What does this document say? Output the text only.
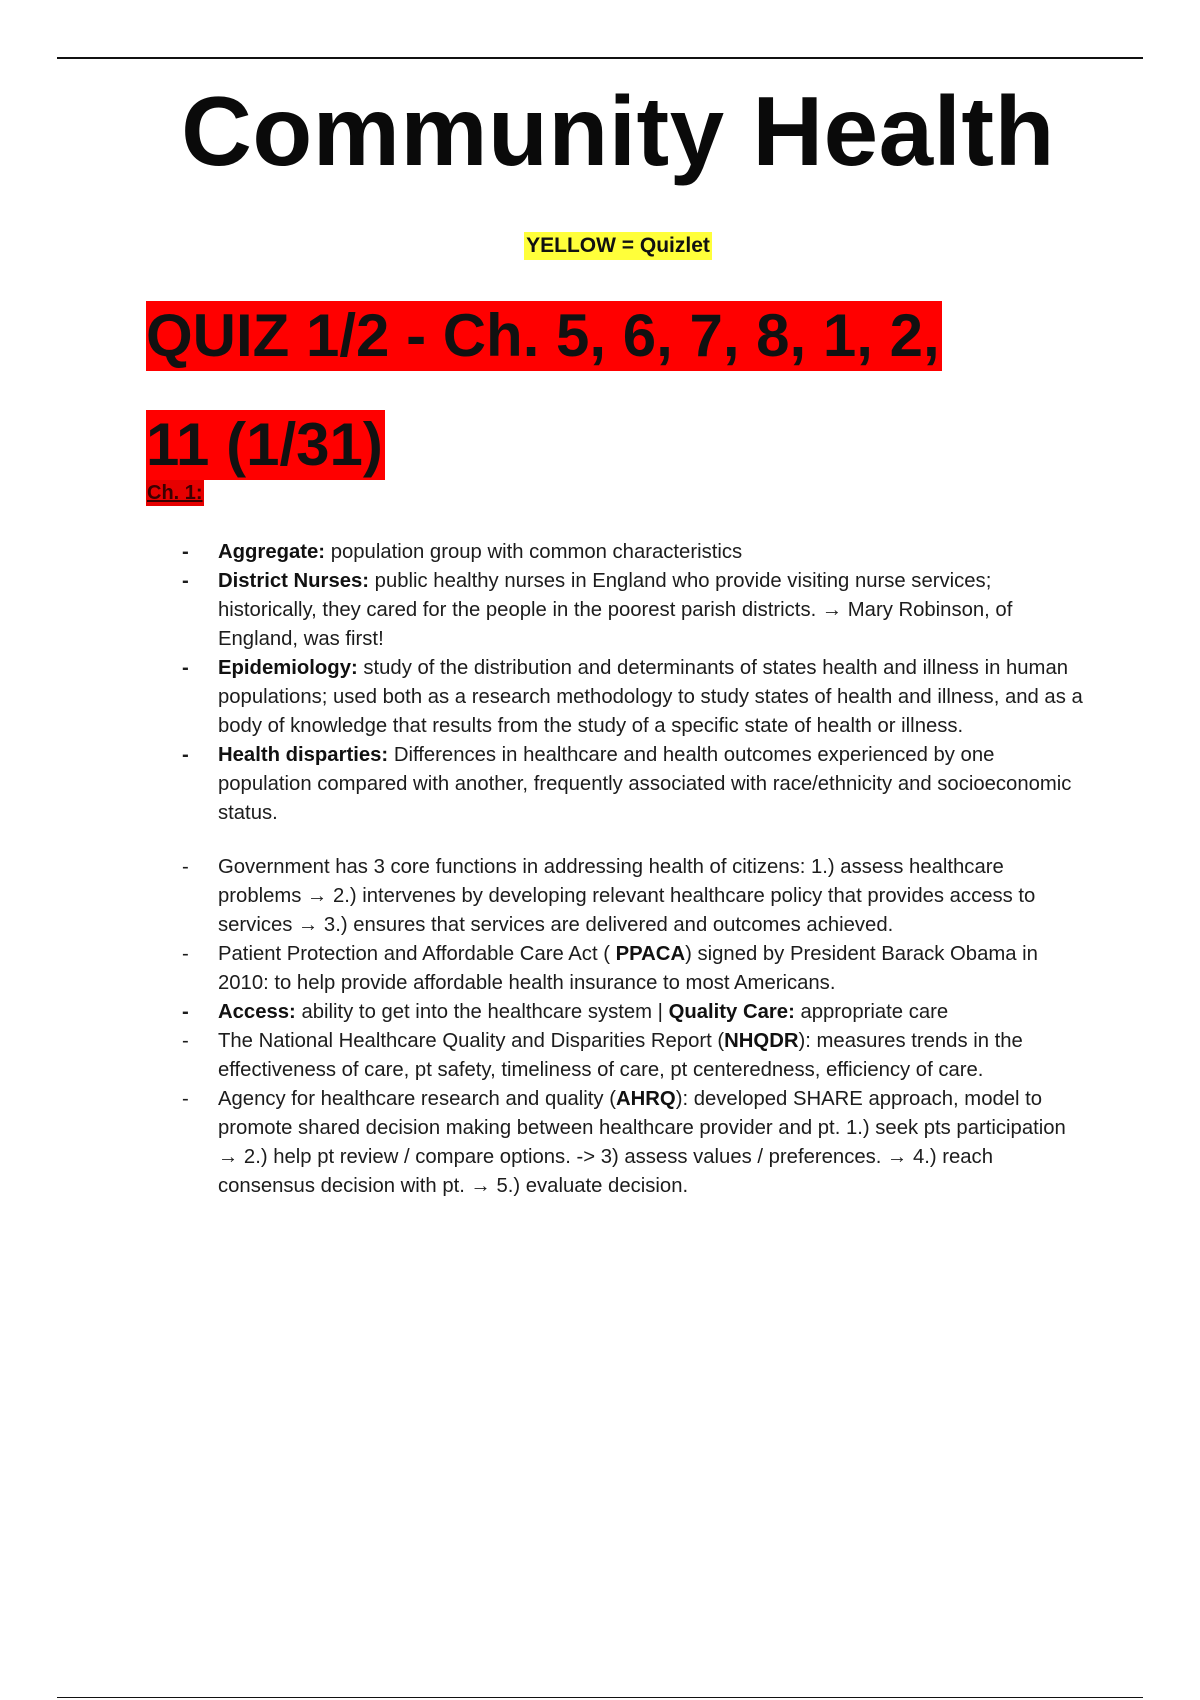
Community Health
YELLOW = Quizlet
QUIZ 1/2 - Ch. 5, 6, 7, 8, 1, 2,
11 (1/31)
Ch. 1:
- Aggregate: population group with common characteristics
- District Nurses: public healthy nurses in England who provide visiting nurse services; historically, they cared for the people in the poorest parish districts. → Mary Robinson, of England, was first!
- Epidemiology: study of the distribution and determinants of states health and illness in human populations; used both as a research methodology to study states of health and illness, and as a body of knowledge that results from the study of a specific state of health or illness.
- Health disparties: Differences in healthcare and health outcomes experienced by one population compared with another, frequently associated with race/ethnicity and socioeconomic status.
- Government has 3 core functions in addressing health of citizens: 1.) assess healthcare problems → 2.) intervenes by developing relevant healthcare policy that provides access to services → 3.) ensures that services are delivered and outcomes achieved.
- Patient Protection and Affordable Care Act ( PPACA) signed by President Barack Obama in 2010: to help provide affordable health insurance to most Americans.
- Access: ability to get into the healthcare system | Quality Care: appropriate care
- The National Healthcare Quality and Disparities Report (NHQDR): measures trends in the effectiveness of care, pt safety, timeliness of care, pt centeredness, efficiency of care.
- Agency for healthcare research and quality (AHRQ): developed SHARE approach, model to promote shared decision making between healthcare provider and pt. 1.) seek pts participation → 2.) help pt review / compare options. -> 3) assess values / preferences. → 4.) reach consensus decision with pt. → 5.) evaluate decision.
